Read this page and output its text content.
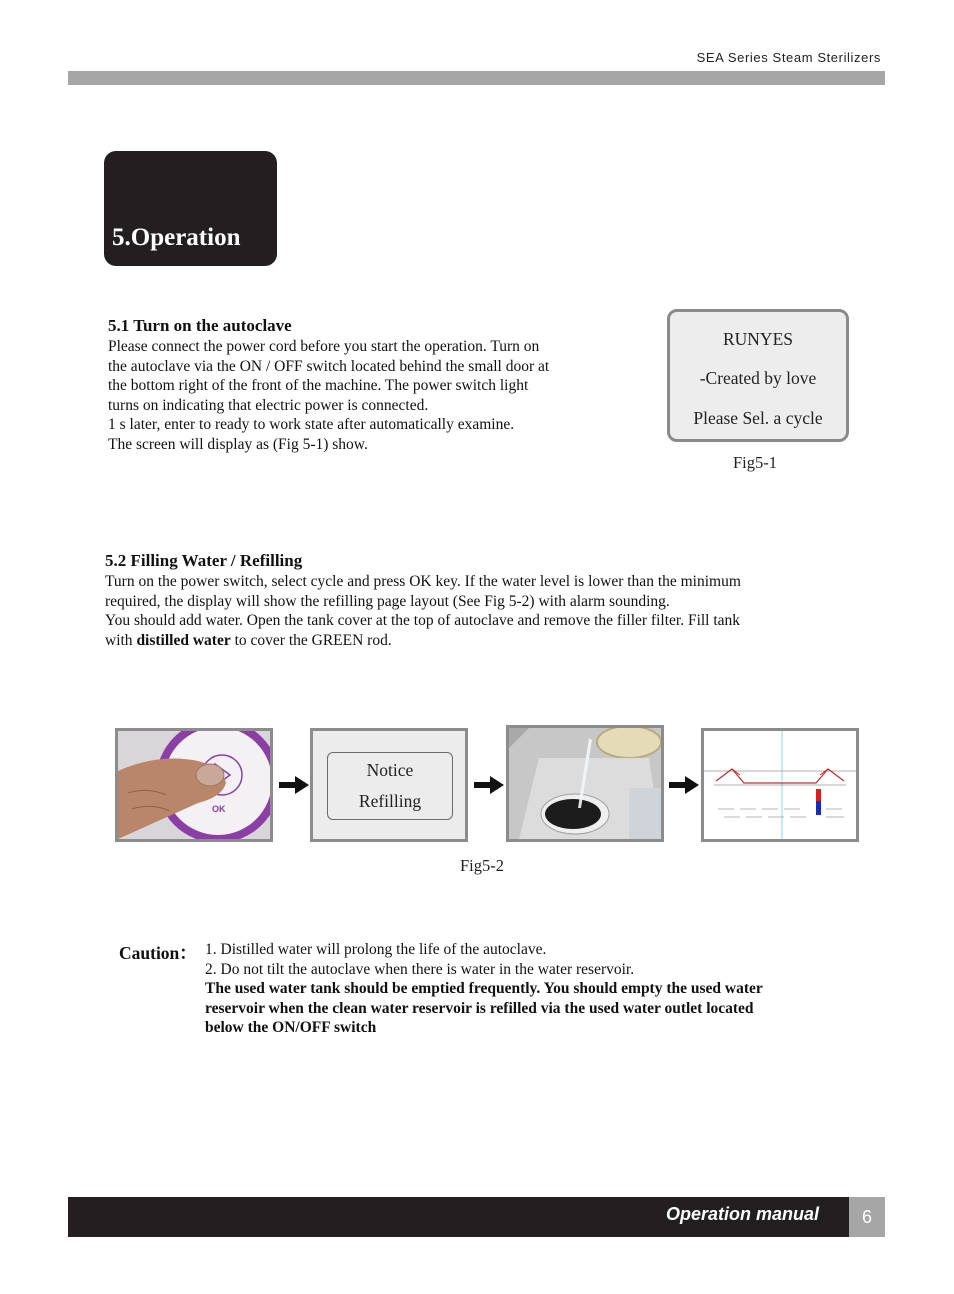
SEA Series Steam Sterilizers
5.Operation
5.1 Turn on the autoclave
Please connect the power cord before you start the operation. Turn on
the autoclave via the ON / OFF switch located behind the small door at
the bottom right of the front of the machine. The power switch light
turns on indicating that electric power is connected.
1 s later, enter to ready to work state after automatically examine.
The screen will display as (Fig 5-1) show.
RUNYES
-Created by love
Please Sel. a cycle
Fig5-1
5.2 Filling Water / Refilling
Turn on the power switch, select cycle and press OK key. If the water level is lower than the minimum
required, the display will show the refilling page layout (See Fig 5-2) with alarm sounding.
You should add water. Open the tank cover at the top of autoclave and remove the filler filter. Fill tank
with distilled water to cover the GREEN rod.
OK
Notice
Refilling
Fig5-2
Caution： 1. Distilled water will prolong the life of the autoclave.
2. Do not tilt the autoclave when there is water in the water reservoir.
The used water tank should be emptied frequently. You should empty the used water
reservoir when the clean water reservoir is refilled via the used water outlet located
below the ON/OFF switch
Operation manual	6
